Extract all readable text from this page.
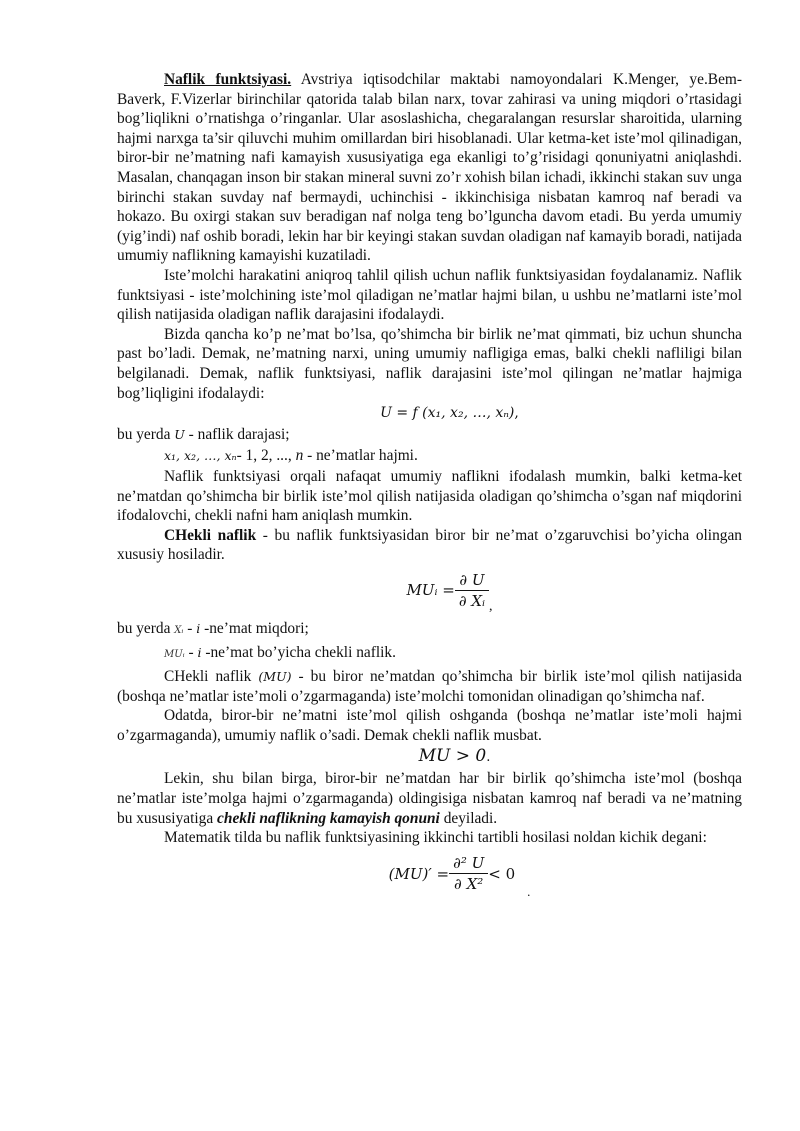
Naflik funktsiyasi. Avstriya iqtisodchilar maktabi namoyondalari K.Menger, ye.Bem-Baverk, F.Vizerlar birinchilar qatorida talab bilan narx, tovar zahirasi va uning miqdori o’rtasidagi bog’liqlikni o’rnatishga o’ringanlar. Ular asoslashicha, chegaralangan resurslar sharoitida, ularning hajmi narxga ta’sir qiluvchi muhim omillardan biri hisoblanadi. Ular ketma-ket iste’mol qilinadigan, biror-bir ne’matning nafi kamayish xususiyatiga ega ekanligi to’g’risidagi qonuniyatni aniqlashdi. Masalan, chanqagan inson bir stakan mineral suvni zo’r xohish bilan ichadi, ikkinchi stakan suv unga birinchi stakan suvday naf bermaydi, uchinchisi - ikkinchisiga nisbatan kamroq naf beradi va hokazo. Bu oxirgi stakan suv beradigan naf nolga teng bo’lguncha davom etadi. Bu yerda umumiy (yig’indi) naf oshib boradi, lekin har bir keyingi stakan suvdan oladigan naf kamayib boradi, natijada umumiy naflikning kamayishi kuzatiladi.

Iste’molchi harakatini aniqroq tahlil qilish uchun naflik funktsiyasidan foydalanamiz. Naflik funktsiyasi - iste’molchining iste’mol qiladigan ne’matlar hajmi bilan, u ushbu ne’matlarni iste’mol qilish natijasida oladigan naflik darajasini ifodalaydi.

Bizda qancha ko’p ne’mat bo’lsa, qo’shimcha bir birlik ne’mat qimmati, biz uchun shuncha past bo’ladi. Demak, ne’matning narxi, uning umumiy nafligiga emas, balki chekli nafliligi bilan belgilanadi. Demak, naflik funktsiyasi, naflik darajasini iste’mol qilingan ne’matlar hajmiga bog’liqligini ifodalaydi:

U = f (x₁, x₂, …, xₙ),

bu yerda U - naflik darajasi;

x₁, x₂, …, xₙ- 1, 2, ..., n - ne’matlar hajmi.

Naflik funktsiyasi orqali nafaqat umumiy naflikni ifodalash mumkin, balki ketma-ket ne’matdan qo’shimcha bir birlik iste’mol qilish natijasida oladigan qo’shimcha o’sgan naf miqdorini ifodalovchi, chekli nafni ham aniqlash mumkin.

CHekli naflik - bu naflik funktsiyasidan biror bir ne’mat o’zgaruvchisi bo’yicha olingan xususiy hosiladir.

MUᵢ = $\frac{\partial U}{\text{∂ Xᵢ}}$ ,

bu yerda Xᵢ - i -ne’mat miqdori;

MUᵢ - i -ne’mat bo’yicha chekli naflik.

CHekli naflik (MU) - bu biror ne’matdan qo’shimcha bir birlik iste’mol qilish natijasida (boshqa ne’matlar iste’moli o’zgarmaganda) iste’molchi tomonidan olinadigan qo’shimcha naf.

Odatda, biror-bir ne’matni iste’mol qilish oshganda (boshqa ne’matlar iste’moli hajmi o’zgarmaganda), umumiy naflik o’sadi. Demak chekli naflik musbat.

MU > 0.

Lekin, shu bilan birga, biror-bir ne’matdan har bir birlik qo’shimcha iste’mol (boshqa ne’matlar iste’molga hajmi o’zgarmaganda) oldingisiga nisbatan kamroq naf beradi va ne’matning bu xususiyatiga chekli naflikning kamayish qonuni deyiladi.

Matematik tilda bu naflik funktsiyasining ikkinchi tartibli hosilasi noldan kichik degani:

$(MU)' = \frac{\text{∂² U}}{\text{∂ X²}} < 0$
.
